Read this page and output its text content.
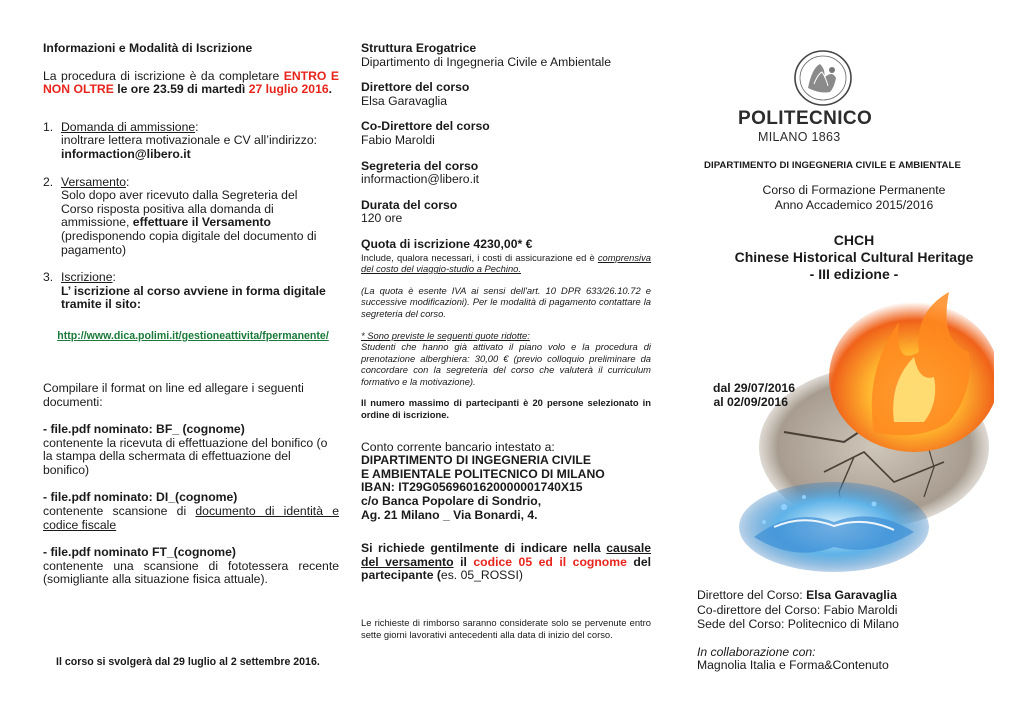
Informazioni e Modalità di Iscrizione

La procedura di iscrizione è da completare ENTRO E NON OLTRE le ore 23.59 di martedì 27 luglio 2016.

1. Domanda di ammissione:

inoltrare lettera motivazionale e CV all’indirizzo:

informaction@libero.it

2. Versamento:

Solo dopo aver ricevuto dalla Segreteria del Corso risposta positiva alla domanda di ammissione, effettuare il Versamento

(predisponendo copia digitale del documento di pagamento)

3. Iscrizione:

L’ iscrizione al corso avviene in forma digitale tramite il sito:

http://www.dica.polimi.it/gestioneattivita/fpermanente/

Compilare il format on line ed allegare i seguenti documenti:

- file.pdf nominato: BF_ (cognome)

contenente la ricevuta di effettuazione del bonifico (o la stampa della schermata di effettuazione del bonifico)

- file.pdf nominato: DI_(cognome)

contenente scansione di documento di identità e codice fiscale

- file.pdf nominato FT_(cognome)

contenente una scansione di fototessera recente (somigliante alla situazione fisica attuale).

Il corso si svolgerà dal 29 luglio al 2 settembre 2016.

Struttura Erogatrice

Dipartimento di Ingegneria Civile e Ambientale

Direttore del corso

Elsa Garavaglia

Co-Direttore del corso

Fabio Maroldi

Segreteria del corso

informaction@libero.it

Durata del corso

120 ore

Quota di iscrizione 4230,00* €

Include, qualora necessari, i costi di assicurazione ed è comprensiva del costo del viaggio-studio a Pechino.

(La quota è esente IVA ai sensi dell'art. 10 DPR 633/26.10.72 e successive modificazioni). Per le modalità di pagamento contattare la segreteria del corso.

* Sono previste le seguenti quote ridotte:

Studenti che hanno già attivato il piano volo e la procedura di prenotazione alberghiera: 30,00 € (previo colloquio preliminare da concordare con la segreteria del corso che valuterà il curriculum formativo e la motivazione).

Il numero massimo di partecipanti è 20 persone selezionato in ordine di iscrizione.

Conto corrente bancario intestato a:

DIPARTIMENTO DI INGEGNERIA CIVILE

E AMBIENTALE POLITECNICO DI MILANO

IBAN: IT29G0569601620000001740X15

c/o Banca Popolare di Sondrio,

Ag. 21 Milano _ Via Bonardi, 4.

Si richiede gentilmente di indicare nella causale del versamento il codice 05 ed il cognome del partecipante (es. 05_ROSSI)

Le richieste di rimborso saranno considerate solo se pervenute entro sette giorni lavorativi antecedenti alla data di inizio del corso.

POLITECNICO
MILANO 1863

DIPARTIMENTO DI INGEGNERIA CIVILE E AMBIENTALE

Corso di Formazione Permanente

Anno Accademico 2015/2016

CHCH

Chinese Historical Cultural Heritage

- III edizione -

dal 29/07/2016

al 02/09/2016

Direttore del Corso: Elsa Garavaglia

Co-direttore del Corso: Fabio Maroldi

Sede del Corso: Politecnico di Milano

In collaborazione con:

Magnolia Italia e Forma&Contenuto
